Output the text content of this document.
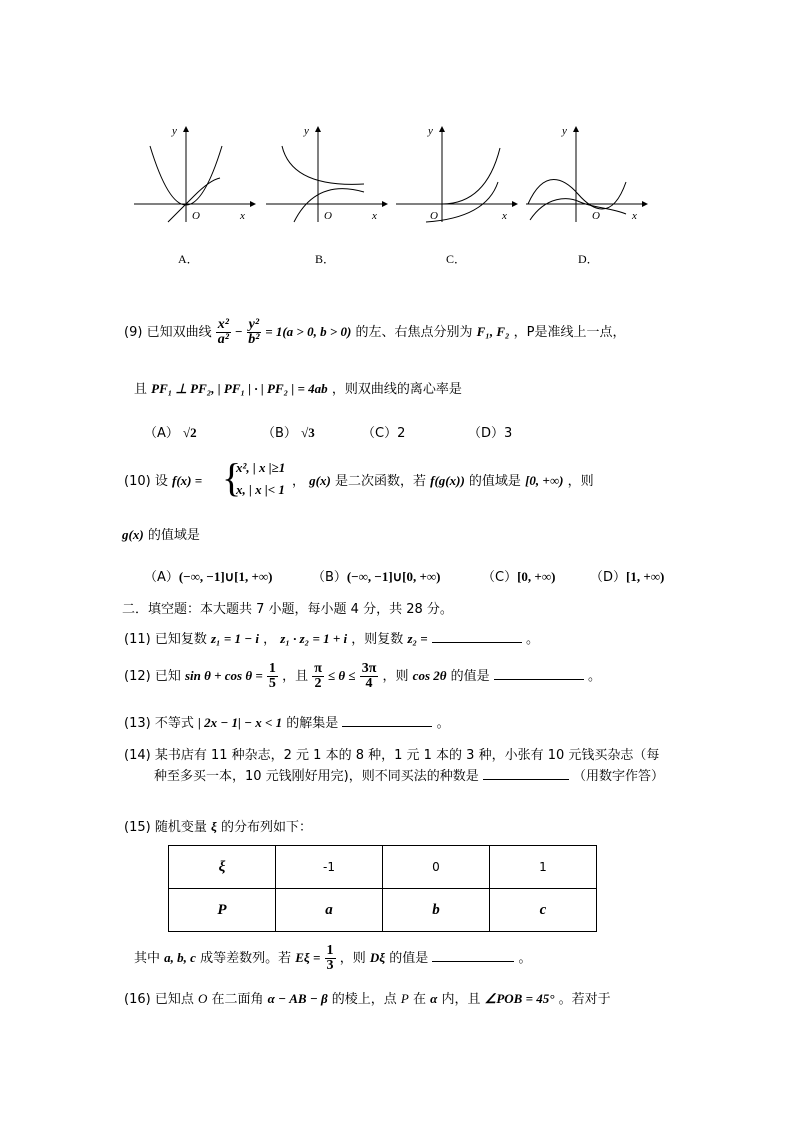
y
x
O
A．
y
x
O
B．
y
x
O
C．
y
x
O
D．
(9) 已知双曲线 $\frac{\text{x²}}{\text{a²}} - \frac{\text{y²}}{\text{b²}} = 1(a > 0$, b > 0) 的左、右焦点分别为 F₁, F₂ ，P是准线上一点，
且 PF₁ ⊥ PF₂, | PF₁ | · | PF₂ | = 4ab ，则双曲线的离心率是
（A） √2	（B） √3	（C）2	（D）3
(10) 设 f(x) = {
x², | x |≥1
x, | x |< 1
， g(x) 是二次函数，若 f(g(x)) 的值域是 [0, +∞) ，则
g(x) 的值域是
（A）(−∞, −1]∪[1, +∞)	（B）(−∞, −1]∪[0, +∞)	（C）[0, +∞)	（D）[1, +∞)
二．填空题：本大题共 7 小题，每小题 4 分，共 28 分。
(11) 已知复数 z₁ = 1 − i ， z₁ · z₂ = 1 + i ，则复数 z₂ =	。
(12) 已知 $\sin \theta + \cos \theta = \frac{1}{5}$ ，且 $\frac{\pi}{2} \le \theta \le \frac{3\pi}{4}$ ，则 cos 2θ 的值是	。
(13) 不等式 | 2x − 1| − x < 1 的解集是	。
(14) 某书店有 11 种杂志，2 元 1 本的 8 种，1 元 1 本的 3 种，小张有 10 元钱买杂志（每
种至多买一本，10 元钱刚好用完)，则不同买法的种数是	（用数字作答）
(15) 随机变量 ξ 的分布列如下：
ξ	-1	0	1
P	a	b	c
其中 a, b, c 成等差数列。若 $E\xi = \frac{1}{3}$ ，则 Dξ 的值是	。
(16) 已知点 O 在二面角 α − AB − β 的棱上，点 P 在 α 内，且 ∠POB = 45° 。若对于
